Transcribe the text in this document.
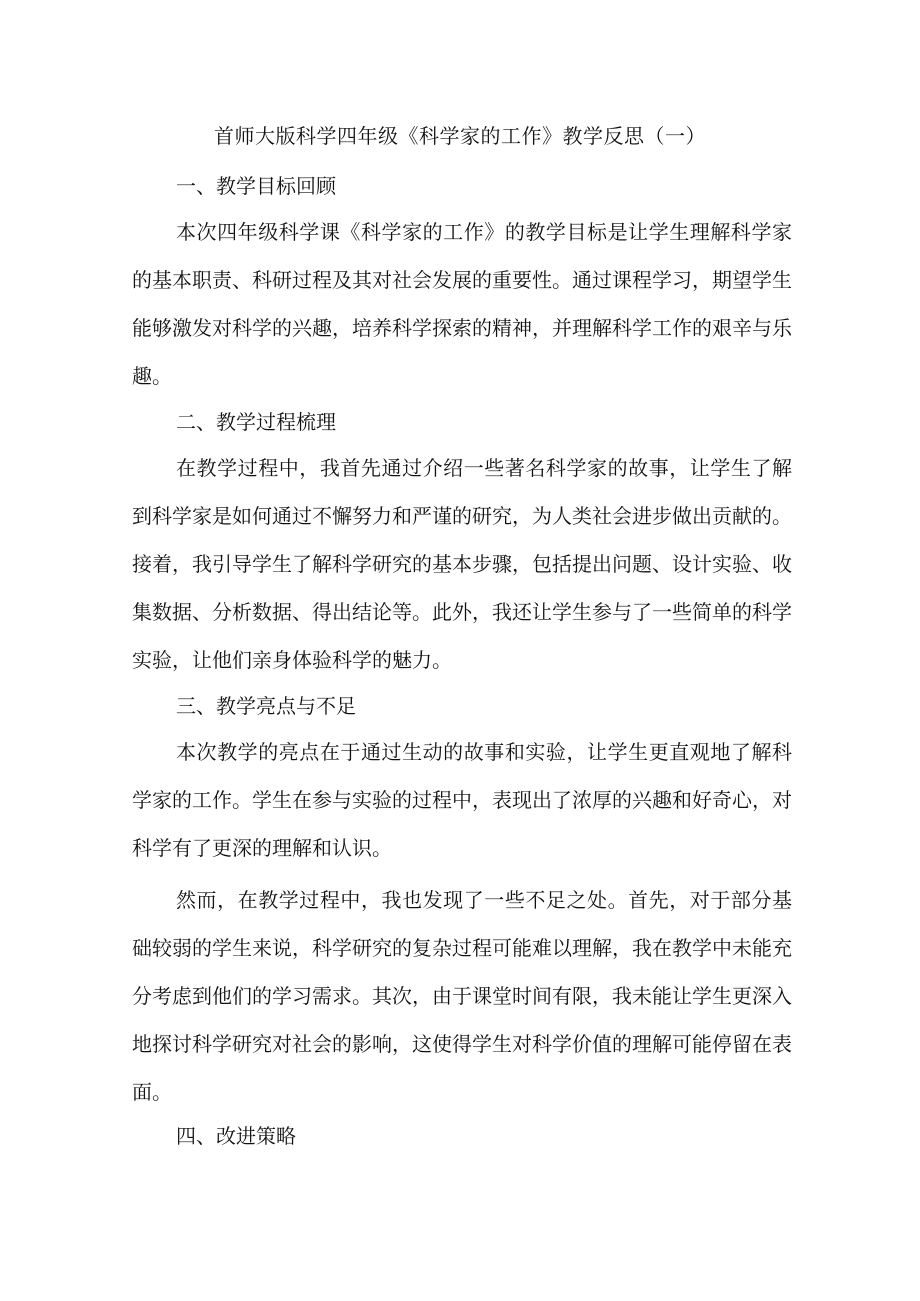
首师大版科学四年级《科学家的工作》教学反思（一）
一、教学目标回顾

本次四年级科学课《科学家的工作》的教学目标是让学生理解科学家的基本职责、科研过程及其对社会发展的重要性。通过课程学习，期望学生能够激发对科学的兴趣，培养科学探索的精神，并理解科学工作的艰辛与乐趣。

二、教学过程梳理

在教学过程中，我首先通过介绍一些著名科学家的故事，让学生了解到科学家是如何通过不懈努力和严谨的研究，为人类社会进步做出贡献的。接着，我引导学生了解科学研究的基本步骤，包括提出问题、设计实验、收集数据、分析数据、得出结论等。此外，我还让学生参与了一些简单的科学实验，让他们亲身体验科学的魅力。

三、教学亮点与不足

本次教学的亮点在于通过生动的故事和实验，让学生更直观地了解科学家的工作。学生在参与实验的过程中，表现出了浓厚的兴趣和好奇心，对科学有了更深的理解和认识。

然而，在教学过程中，我也发现了一些不足之处。首先，对于部分基础较弱的学生来说，科学研究的复杂过程可能难以理解，我在教学中未能充分考虑到他们的学习需求。其次，由于课堂时间有限，我未能让学生更深入地探讨科学研究对社会的影响，这使得学生对科学价值的理解可能停留在表面。

四、改进策略
